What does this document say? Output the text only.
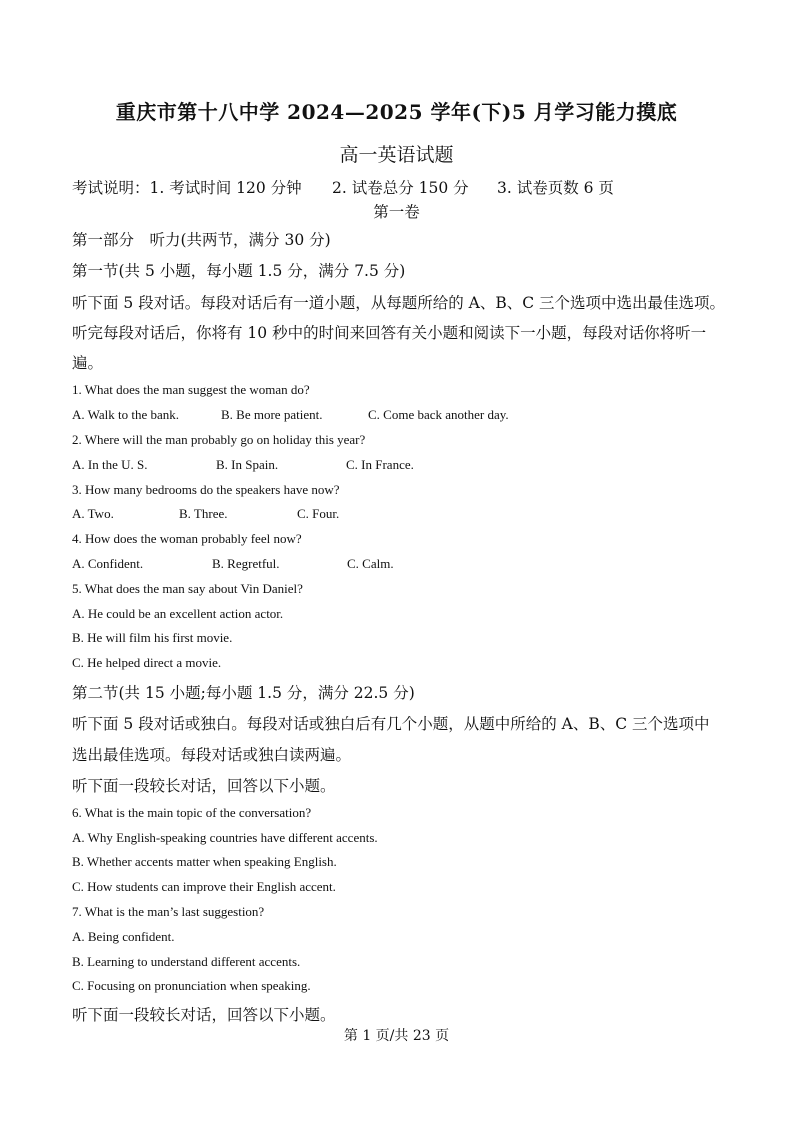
重庆市第十八中学 2024—2025 学年(下)5 月学习能力摸底
高一英语试题
考试说明：1. 考试时间 120 分钟 2. 试卷总分 150 分 3. 试卷页数 6 页
第一卷
第一部分　听力(共两节，满分 30 分)
第一节(共 5 小题，每小题 1.5 分，满分 7.5 分)
听下面 5 段对话。每段对话后有一道小题，从每题所给的 A、B、C 三个选项中选出最佳选项。
听完每段对话后，你将有 10 秒中的时间来回答有关小题和阅读下一小题，每段对话你将听一
遍。
1. What does the man suggest the woman do?
A. Walk to the bank.	B. Be more patient.	C. Come back another day.
2. Where will the man probably go on holiday this year?
A. In the U. S.	B. In Spain.	C. In France.
3. How many bedrooms do the speakers have now?
A. Two.	B. Three.	C. Four.
4. How does the woman probably feel now?
A. Confident.	B. Regretful.	C. Calm.
5. What does the man say about Vin Daniel?
A. He could be an excellent action actor.
B. He will film his first movie.
C. He helped direct a movie.
第二节(共 15 小题;每小题 1.5 分，满分 22.5 分)
听下面 5 段对话或独白。每段对话或独白后有几个小题，从题中所给的 A、B、C 三个选项中
选出最佳选项。每段对话或独白读两遍。
听下面一段较长对话，回答以下小题。
6. What is the main topic of the conversation?
A. Why English-speaking countries have different accents.
B. Whether accents matter when speaking English.
C. How students can improve their English accent.
7. What is the man’s last suggestion?
A. Being confident.
B. Learning to understand different accents.
C. Focusing on pronunciation when speaking.
听下面一段较长对话，回答以下小题。
第 1 页/共 23 页
